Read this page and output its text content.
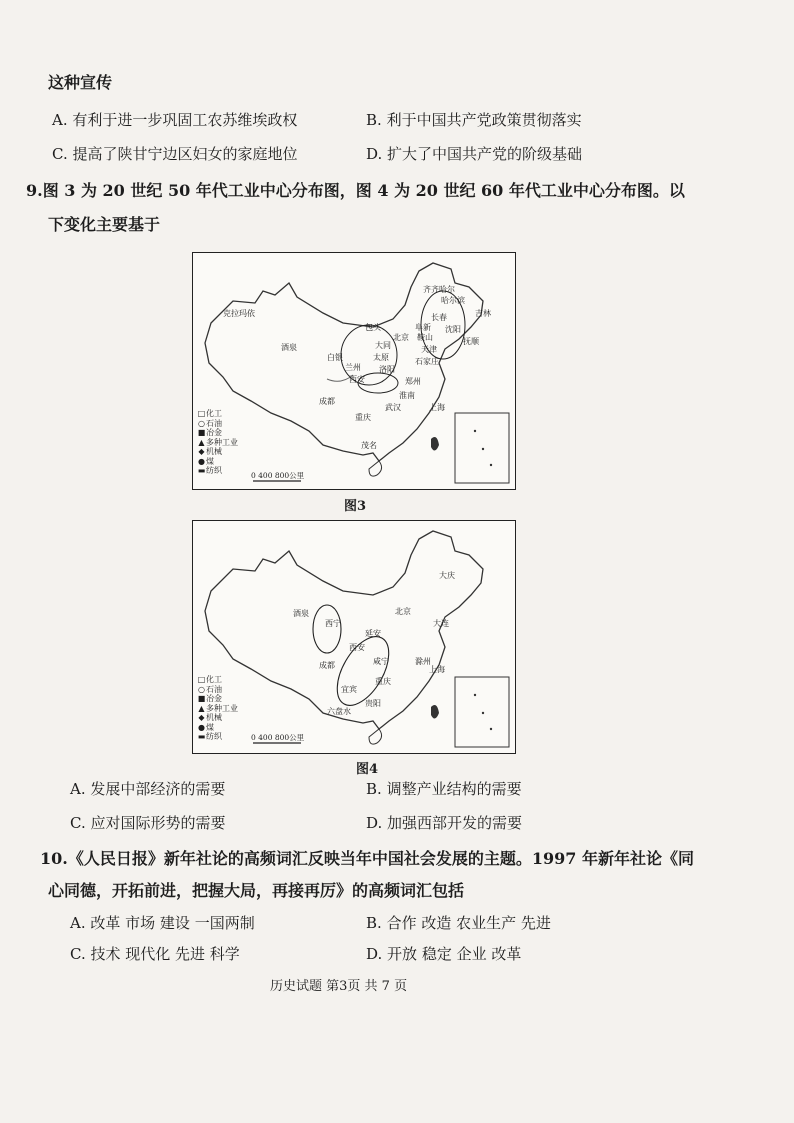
这种宣传
A. 有利于进一步巩固工农苏维埃政权	B. 利于中国共产党政策贯彻落实
C. 提高了陕甘宁边区妇女的家庭地位	D. 扩大了中国共产党的阶级基础
9.图 3 为 20 世纪 50 年代工业中心分布图，图 4 为 20 世纪 60 年代工业中心分布图。以
下变化主要基于
□化工
○石油
■冶金
▲多种工业
◆机械
●煤
▬纺织
0 400 800公里
克拉玛依
齐齐哈尔
哈尔滨
吉林
长春
阜新 沈阳
抚顺
包头
鞍山
北京
大同	天津
酒泉
白银	太原	石家庄
兰州 洛阳
西安	郑州
淮南
成都
武汉
重庆
上海
茂名
图3
□化工
○石油
■冶金
▲多种工业
◆机械
●煤
▬纺织	0 400 800公里
大庆
酒泉
西宁
北京
大连
延安
西安
咸宁	滁州
成都
重庆
上海
宜宾
贵阳
六盘水
图4
A. 发展中部经济的需要	B. 调整产业结构的需要
C. 应对国际形势的需要	D. 加强西部开发的需要
10.《人民日报》新年社论的高频词汇反映当年中国社会发展的主题。1997 年新年社论《同
心同德，开拓前进，把握大局，再接再厉》的高频词汇包括
A. 改革 市场 建设 一国两制	B. 合作 改造 农业生产 先进
C. 技术 现代化 先进 科学	D. 开放 稳定 企业 改革
历史试题 第3页 共 7 页
